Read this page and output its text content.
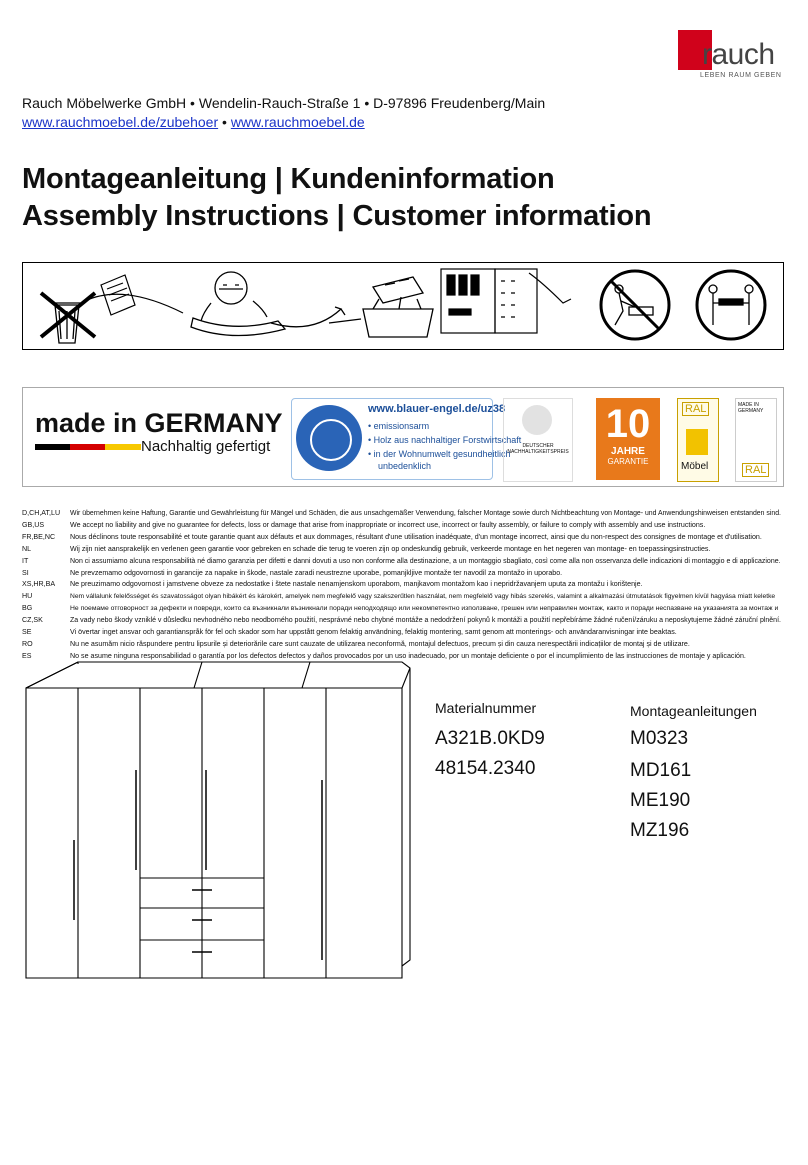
rauch
LEBEN RAUM GEBEN
Rauch Möbelwerke GmbH • Wendelin-Rauch-Straße 1 • D-97896 Freudenberg/Main
www.rauchmoebel.de/zubehoer • www.rauchmoebel.de
Montageanleitung | Kundeninformation
Assembly Instructions | Customer information
made in GERMANY
Nachhaltig gefertigt
www.blauer-engel.de/uz38
• emissionsarm
• Holz aus nachhaltiger Forstwirtschaft
• in der Wohnumwelt gesundheitlich
unbedenklich
DEUTSCHER NACHHALTIGKEITSPREIS
10
JAHRE
GARANTIE
RAL
Möbel
MADE IN GERMANY
RAL
D,CH,AT,LU	Wir übernehmen keine Haftung, Garantie und Gewährleistung für Mängel und Schäden, die aus unsachgemäßer Verwendung, falscher Montage sowie durch Nichtbeachtung von Montage- und Anwendungshinweisen entstanden sind.
GB,US	We accept no liability and give no guarantee for defects, loss or damage that arise from inappropriate or incorrect use, incorrect or faulty assembly, or failure to comply with assembly and use instructions.
FR,BE,NC	Nous déclinons toute responsabilité et toute garantie quant aux défauts et aux dommages, résultant d'une utilisation inadéquate, d'un montage incorrect, ainsi que du non-respect des consignes de montage et d'utilisation.
NL	Wij zijn niet aansprakelijk en verlenen geen garantie voor gebreken en schade die terug te voeren zijn op ondeskundig gebruik, verkeerde montage en het negeren van montage- en toepassingsinstructies.
IT	Non ci assumiamo alcuna responsabilità né diamo garanzia per difetti e danni dovuti a uso non conforme alla destinazione, a un montaggio sbagliato, così come alla non osservanza delle indicazioni di montaggio e di applicazione.
SI	Ne prevzemamo odgovornosti in garancije za napake in škode, nastale zaradi neustrezne uporabe, pomanjkljive montaže ter navodil za montažo in uporabo.
XS,HR,BA	Ne preuzimamo odgovornost i jamstvene obveze za nedostatke i štete nastale nenamjenskom uporabom, manjkavom montažom kao i nepridržavanjem uputa za montažu i korištenje.
HU	Nem vállalunk felelősséget és szavatosságot olyan hibákért és károkért, amelyek nem megfelelő vagy szakszerűtlen használat, nem megfelelő vagy hibás szerelés, valamint a alkalmazási útmutatások figyelmen kívül hagyása miatt keletke
BG	Не поемаме отговорност за дефекти и повреди, които са възникнали възникнали поради неподходящо или некомпетентно използване, грешен или неправилен монтаж, както и поради неспазване на указанията за монтаж и
CZ,SK	Za vady nebo škody vzniklé v důsledku nevhodného nebo neodborného použití, nesprávné nebo chybné montáže a nedodržení pokynů k montáži a použití nepřebíráme žádné ručení/záruku a neposkytujeme žádné záruční plnění.
SE	Vi övertar inget ansvar och garantianspråk för fel och skador som har uppstått genom felaktig användning, felaktig montering, samt genom att monterings- och användaranvisningar inte beaktas.
RO	Nu ne asumăm nicio răspundere pentru lipsurile și deteriorările care sunt cauzate de utilizarea neconformă, montajul defectuos, precum și din cauza nerespectării indicațiilor de montaj și de utilizare.
ES	No se asume ninguna responsabilidad o garantía por los defectos defectos y daños provocados por un uso inadecuado, por un montaje deficiente o por el incumplimiento de las instrucciones de montaje y aplicación.
Materialnummer
A321B.0KD9
48154.2340
Montageanleitungen
M0323
MD161
ME190
MZ196
